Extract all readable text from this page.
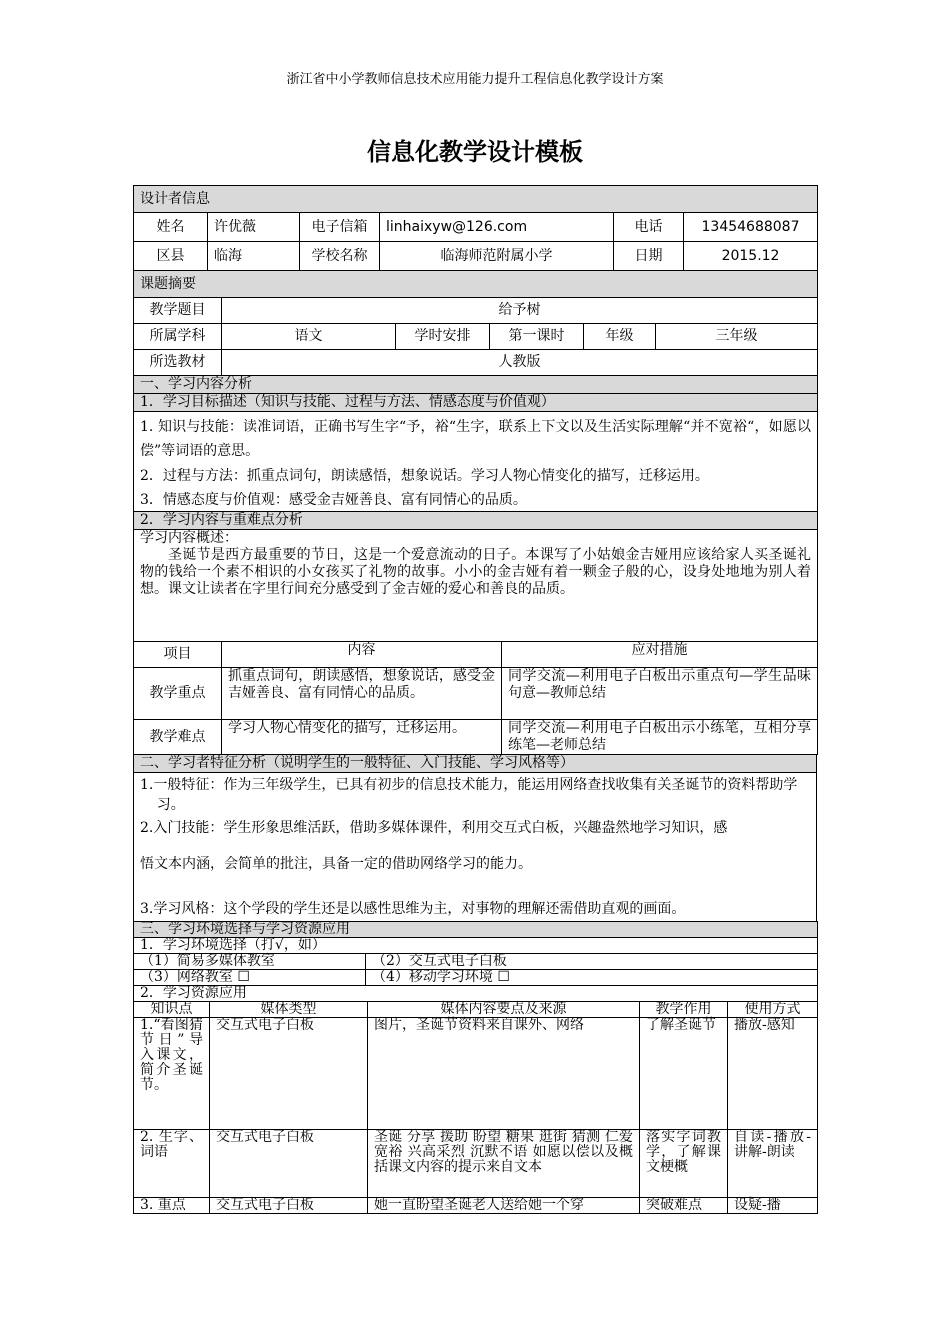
浙江省中小学教师信息技术应用能力提升工程信息化教学设计方案
信息化教学设计模板
设计者信息					
姓名	许优薇	电子信箱	linhaixyw@126.com	电话	13454688087
区县	临海	学校名称	临海师范附属小学	日期	2015.12
课题摘要					
教学题目	给予树				
所属学科	语文	学时安排	第一课时	年级	三年级
所选教材	人教版				
一、学习内容分析		
1．学习目标描述（知识与技能、过程与方法、情感态度与价值观）		

1. 知识与技能：读准词语，正确书写生字“予，裕“生字，联系上下文以及生活实际理解“并不宽裕“，如愿以偿”等词语的意思。

2．过程与方法：抓重点词句，朗读感悟，想象说话。学习人物心情变化的描写，迁移运用。

3．情感态度与价值观：感受金吉娅善良、富有同情心的品质。		

2．学习内容与重难点分析		

学习内容概述：

圣诞节是西方最重要的节日，这是一个爱意流动的日子。本课写了小姑娘金吉娅用应该给家人买圣诞礼物的钱给一个素不相识的小女孩买了礼物的故事。小小的金吉娅有着一颗金子般的心，设身处地地为别人着想。课文让读者在字里行间充分感受到了金吉娅的爱心和善良的品质。		

项目	内容	应对措施
教学重点	抓重点词句，朗读感悟，想象说话，感受金吉娅善良、富有同情心的品质。	同学交流—利用电子白板出示重点句—学生品味句意—教师总结
教学难点	学习人物心情变化的描写，迁移运用。	同学交流—利用电子白板出示小练笔，互相分享练笔—老师总结
二、学习者特征分析（说明学生的一般特征、入门技能、学习风格等）

1.一般特征：作为三年级学生，已具有初步的信息技术能力，能运用网络查找收集有关圣诞节的资料帮助学习。

2.入门技能：学生形象思维活跃，借助多媒体课件，利用交互式白板，兴趣盎然地学习知识，感

悟文本内涵，会简单的批注，具备一定的借助网络学习的能力。

3.学习风格：这个学段的学生还是以感性思维为主，对事物的理解还需借助直观的画面。

三、学习环境选择与学习资源应用	
1．学习环境选择（打√，如）	
（1）简易多媒体教室	（2）交互式电子白板
（3）网络教室 ☐	（4）移动学习环境 ☐
2．学习资源应用	
知识点	媒体类型	媒体内容要点及来源	教学作用	使用方式
1.“看图猜节日”导入课文，简介圣诞节。	交互式电子白板	图片，圣诞节资料来自课外、网络	了解圣诞节	播放-感知
2. 生字、词语	交互式电子白板	圣诞 分享 援助 盼望 糖果 逛街 猜测 仁爱 宽裕 兴高采烈 沉默不语 如愿以偿以及概括课文内容的提示来自文本	落实字词教学，了解课文梗概	自读-播放-讲解-朗读
3. 重点	交互式电子白板	她一直盼望圣诞老人送给她一个穿	突破难点	设疑-播
